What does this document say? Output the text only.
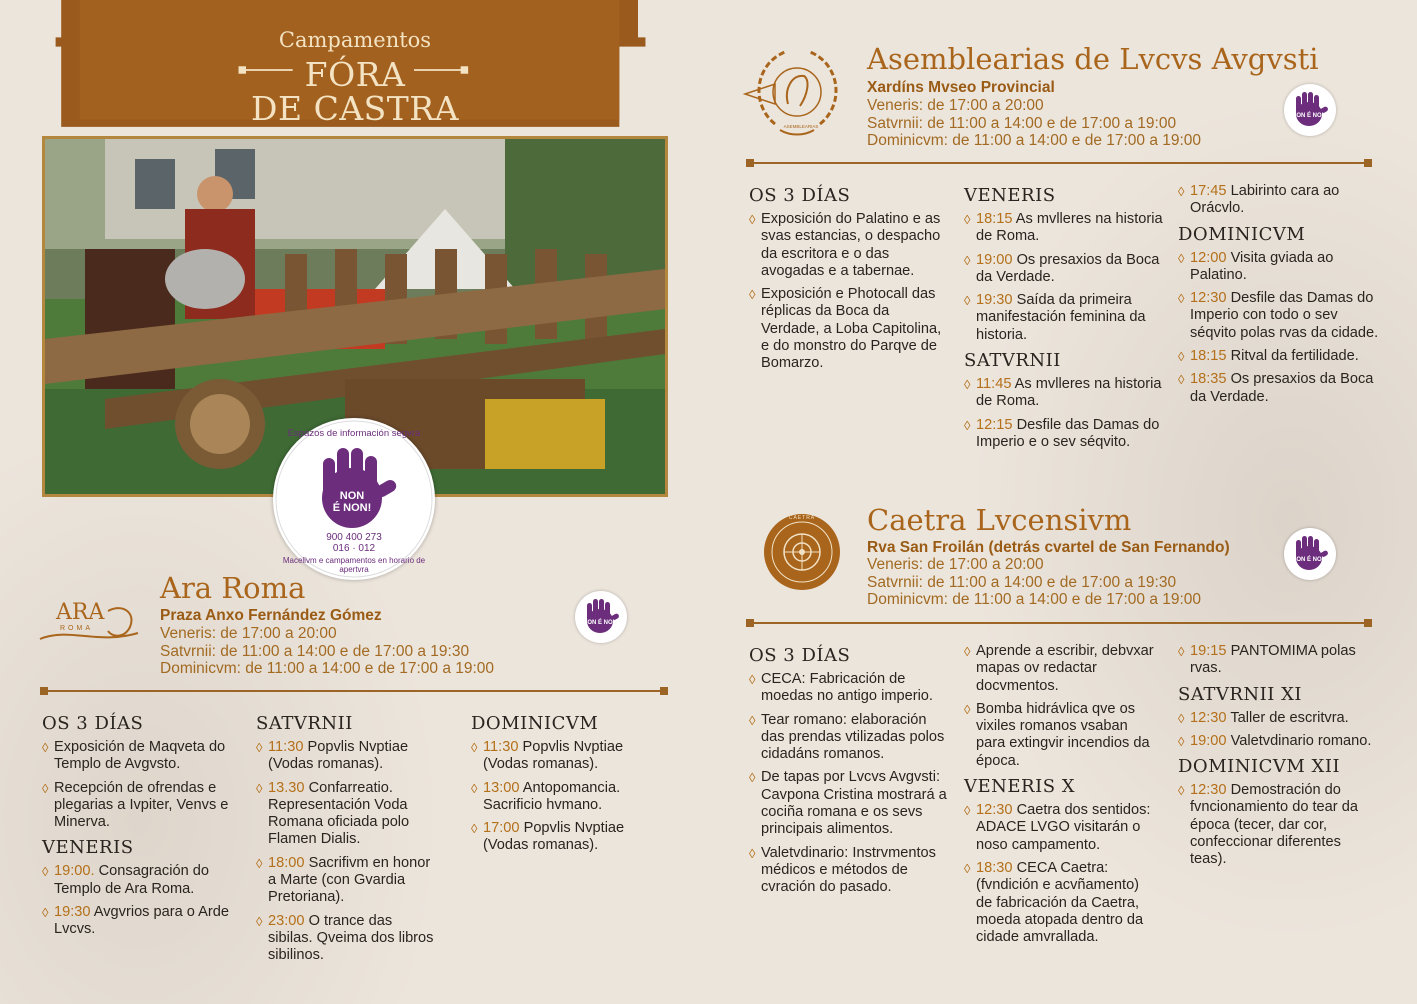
Campamentos
FÓRA
DE CASTRA
Espazos de información segvra
Macellvm e campamentos en horario de apertvra
NON
É NON!
900 400 273
016 · 012
ARA
ROMA
Ara Roma
Praza Anxo Fernández Gómez
Veneris: de 17:00 a 20:00
Satvrnii: de 11:00 a 14:00 e de 17:00 a 19:30
Dominicvm: de 11:00 a 14:00 e de 17:00 a 19:00
NON É NON!
OS 3 DÍAS
◊ Exposición de Maqveta do Templo de Avgvsto.
◊ Recepción de ofrendas e plegarias a Ivpiter, Venvs e Minerva.
VENERIS
◊ 19:00. Consagración do Templo de Ara Roma.
◊ 19:30 Avgvrios para o Arde Lvcvs.
SATVRNII
◊ 11:30 Popvlis Nvptiae (Vodas romanas).
◊ 13.30 Confarreatio. Representación Voda Romana oficiada polo Flamen Dialis.
◊ 18:00 Sacrifivm en honor a Marte (con Gvardia Pretoriana).
◊ 23:00 O trance das sibilas. Qveima dos libros sibilinos.
DOMINICVM
◊ 11:30 Popvlis Nvptiae (Vodas romanas).
◊ 13:00 Antopomancia. Sacrificio hvmano.
◊ 17:00 Popvlis Nvptiae (Vodas romanas).
ASEMBLEARIAS
Asemblearias de Lvcvs Avgvsti
Xardíns Mvseo Provincial
Veneris: de 17:00 a 20:00
Satvrnii: de 11:00 a 14:00 e de 17:00 a 19:00
Dominicvm: de 11:00 a 14:00 e de 17:00 a 19:00
NON É NON!
OS 3 DÍAS
◊ Exposición do Palatino e as svas estancias, o despacho da escritora e o das avogadas e a tabernae.
◊ Exposición e Photocall das réplicas da Boca da Verdade, a Loba Capitolina, e do monstro do Parqve de Bomarzo.
VENERIS
◊ 18:15 As mvlleres na historia de Roma.
◊ 19:00 Os presaxios da Boca da Verdade.
◊ 19:30 Saída da primeira manifestación feminina da historia.
SATVRNII
◊ 11:45 As mvlleres na historia de Roma.
◊ 12:15 Desfile das Damas do Imperio e o sev séqvito.
◊ 17:45 Labirinto cara ao Orácvlo.
DOMINICVM
◊ 12:00 Visita gviada ao Palatino.
◊ 12:30 Desfile das Damas do Imperio con todo o sev séqvito polas rvas da cidade.
◊ 18:15 Ritval da fertilidade.
◊ 18:35 Os presaxios da Boca da Verdade.
CAETRA Caetra Lvcensivm
Rva San Froilán (detrás cvartel de San Fernando)
Veneris: de 17:00 a 20:00
Satvrnii: de 11:00 a 14:00 e de 17:00 a 19:30
Dominicvm: de 11:00 a 14:00 e de 17:00 a 19:00
NON É NON!
OS 3 DÍAS
◊ CECA: Fabricación de moedas no antigo imperio.
◊ Tear romano: elaboración das prendas vtilizadas polos cidadáns romanos.
◊ De tapas por Lvcvs Avgvsti: Cavpona Cristina mostrará a cociña romana e os sevs principais alimentos.
◊ Valetvdinario: Instrvmentos médicos e métodos de cvración do pasado.
◊ Aprende a escribir, debvxar mapas ov redactar docvmentos.
◊ Bomba hidrávlica qve os vixiles romanos vsaban para extingvir incendios da época.
VENERIS X
◊ 12:30 Caetra dos sentidos: ADACE LVGO visitarán o noso campamento.
◊ 18:30 CECA Caetra: (fvndición e acvñamento) de fabricación da Caetra, moeda atopada dentro da cidade amvrallada.
◊ 19:15 PANTOMIMA polas rvas.
SATVRNII XI
◊ 12:30 Taller de escritvra.
◊ 19:00 Valetvdinario romano.
DOMINICVM XII
◊ 12:30 Demostración do fvncionamiento do tear da época (tecer, dar cor, confeccionar diferentes teas).
